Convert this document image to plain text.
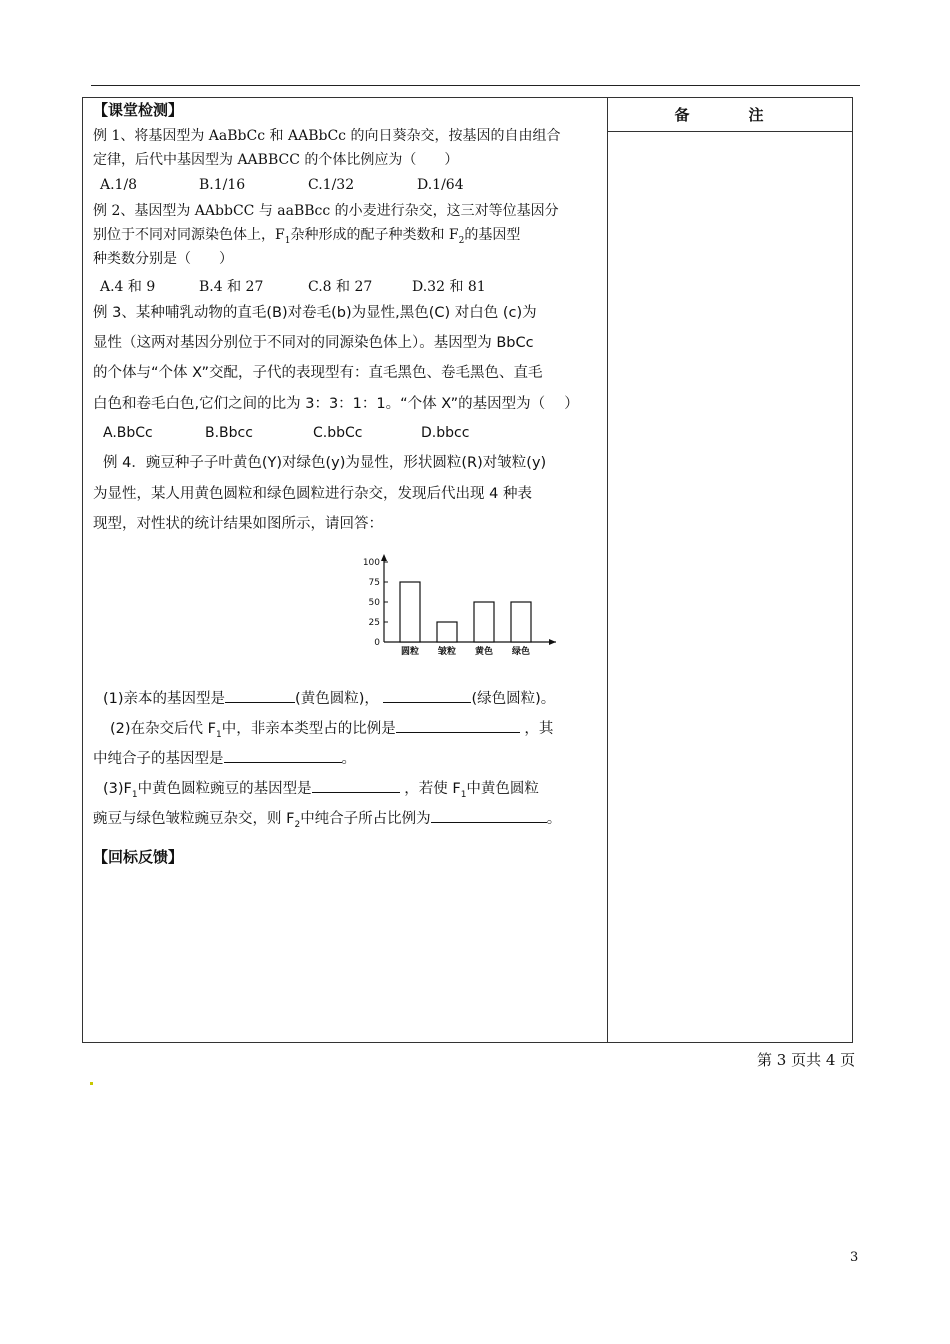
备　注
【课堂检测】
例 1、将基因型为 AaBbCc 和 AABbCc 的向日葵杂交，按基因的自由组合
定律，后代中基因型为 AABBCC 的个体比例应为（　　）
A.1/8	B.1/16	C.1/32	D.1/64
例 2、基因型为 AAbbCC 与 aaBBcc 的小麦进行杂交，这三对等位基因分
别位于不同对同源染色体上，$F_1$杂种形成的配子种类数和 $F_2$的基因型
种类数分别是（　　）
A.4 和 9	B.4 和 27	C.8 和 27	D.32 和 81
例 3、某种哺乳动物的直毛(B)对卷毛(b)为显性,黑色(C) 对白色 (c)为
显性（这两对基因分别位于不同对的同源染色体上）。基因型为 BbCc
的个体与“个体 X”交配，子代的表现型有：直毛黑色、卷毛黑色、直毛
白色和卷毛白色,它们之间的比为 3：3：1：1。“个体 X”的基因型为（　 ）
A.BbCc	B.Bbcc	C.bbCc	D.bbcc
例 4．豌豆种子子叶黄色(Y)对绿色(y)为显性，形状圆粒(R)对皱粒(y)
为显性，某人用黄色圆粒和绿色圆粒进行杂交，发现后代出现 4 种表
现型，对性状的统计结果如图所示，请回答：
0
25
50
75
100
圆粒 皱粒 黄色 绿色
(1)亲本的基因型是	(黄色圆粒)，	(绿色圆粒)。
(2)在杂交后代 $F_1$中，非亲本类型占的比例是	，其
中纯合子的基因型是	。
$(3)F_1$中黄色圆粒豌豆的基因型是	，若使 $F_1$中黄色圆粒
豌豆与绿色皱粒豌豆杂交，则 $F_2$中纯合子所占比例为	。
【回标反馈】
第 3 页共 4 页
3
